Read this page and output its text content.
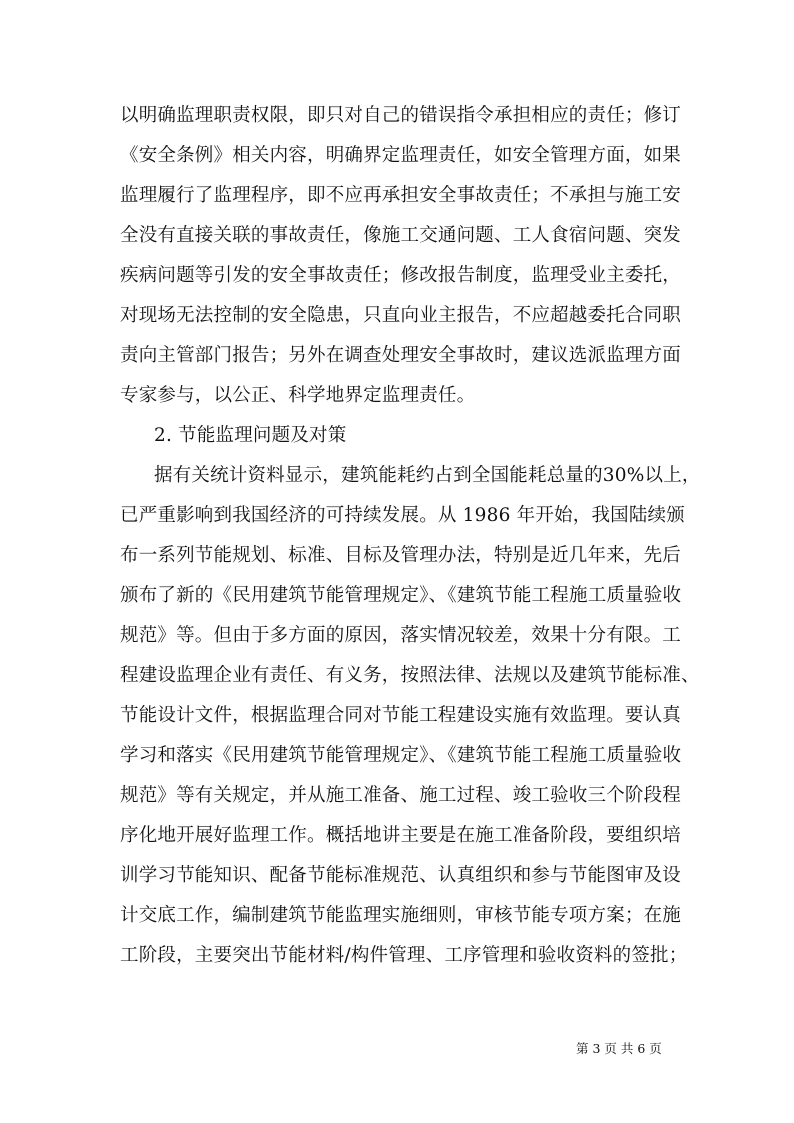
以明确监理职责权限，即只对自己的错误指令承担相应的责任；修订
《安全条例》相关内容，明确界定监理责任，如安全管理方面，如果
监理履行了监理程序，即不应再承担安全事故责任；不承担与施工安
全没有直接关联的事故责任，像施工交通问题、工人食宿问题、突发
疾病问题等引发的安全事故责任；修改报告制度，监理受业主委托，
对现场无法控制的安全隐患，只直向业主报告，不应超越委托合同职
责向主管部门报告；另外在调查处理安全事故时，建议选派监理方面
专家参与，以公正、科学地界定监理责任。
2. 节能监理问题及对策
据有关统计资料显示，建筑能耗约占到全国能耗总量的30%以上，
已严重影响到我国经济的可持续发展。从 1986 年开始，我国陆续颁
布一系列节能规划、标准、目标及管理办法，特别是近几年来，先后
颁布了新的《民用建筑节能管理规定》、《建筑节能工程施工质量验收
规范》等。但由于多方面的原因，落实情况较差，效果十分有限。工
程建设监理企业有责任、有义务，按照法律、法规以及建筑节能标准、
节能设计文件，根据监理合同对节能工程建设实施有效监理。要认真
学习和落实《民用建筑节能管理规定》、《建筑节能工程施工质量验收
规范》等有关规定，并从施工准备、施工过程、竣工验收三个阶段程
序化地开展好监理工作。概括地讲主要是在施工准备阶段，要组织培
训学习节能知识、配备节能标准规范、认真组织和参与节能图审及设
计交底工作，编制建筑节能监理实施细则，审核节能专项方案；在施
工阶段，主要突出节能材料/构件管理、工序管理和验收资料的签批；
第 3 页 共 6 页
